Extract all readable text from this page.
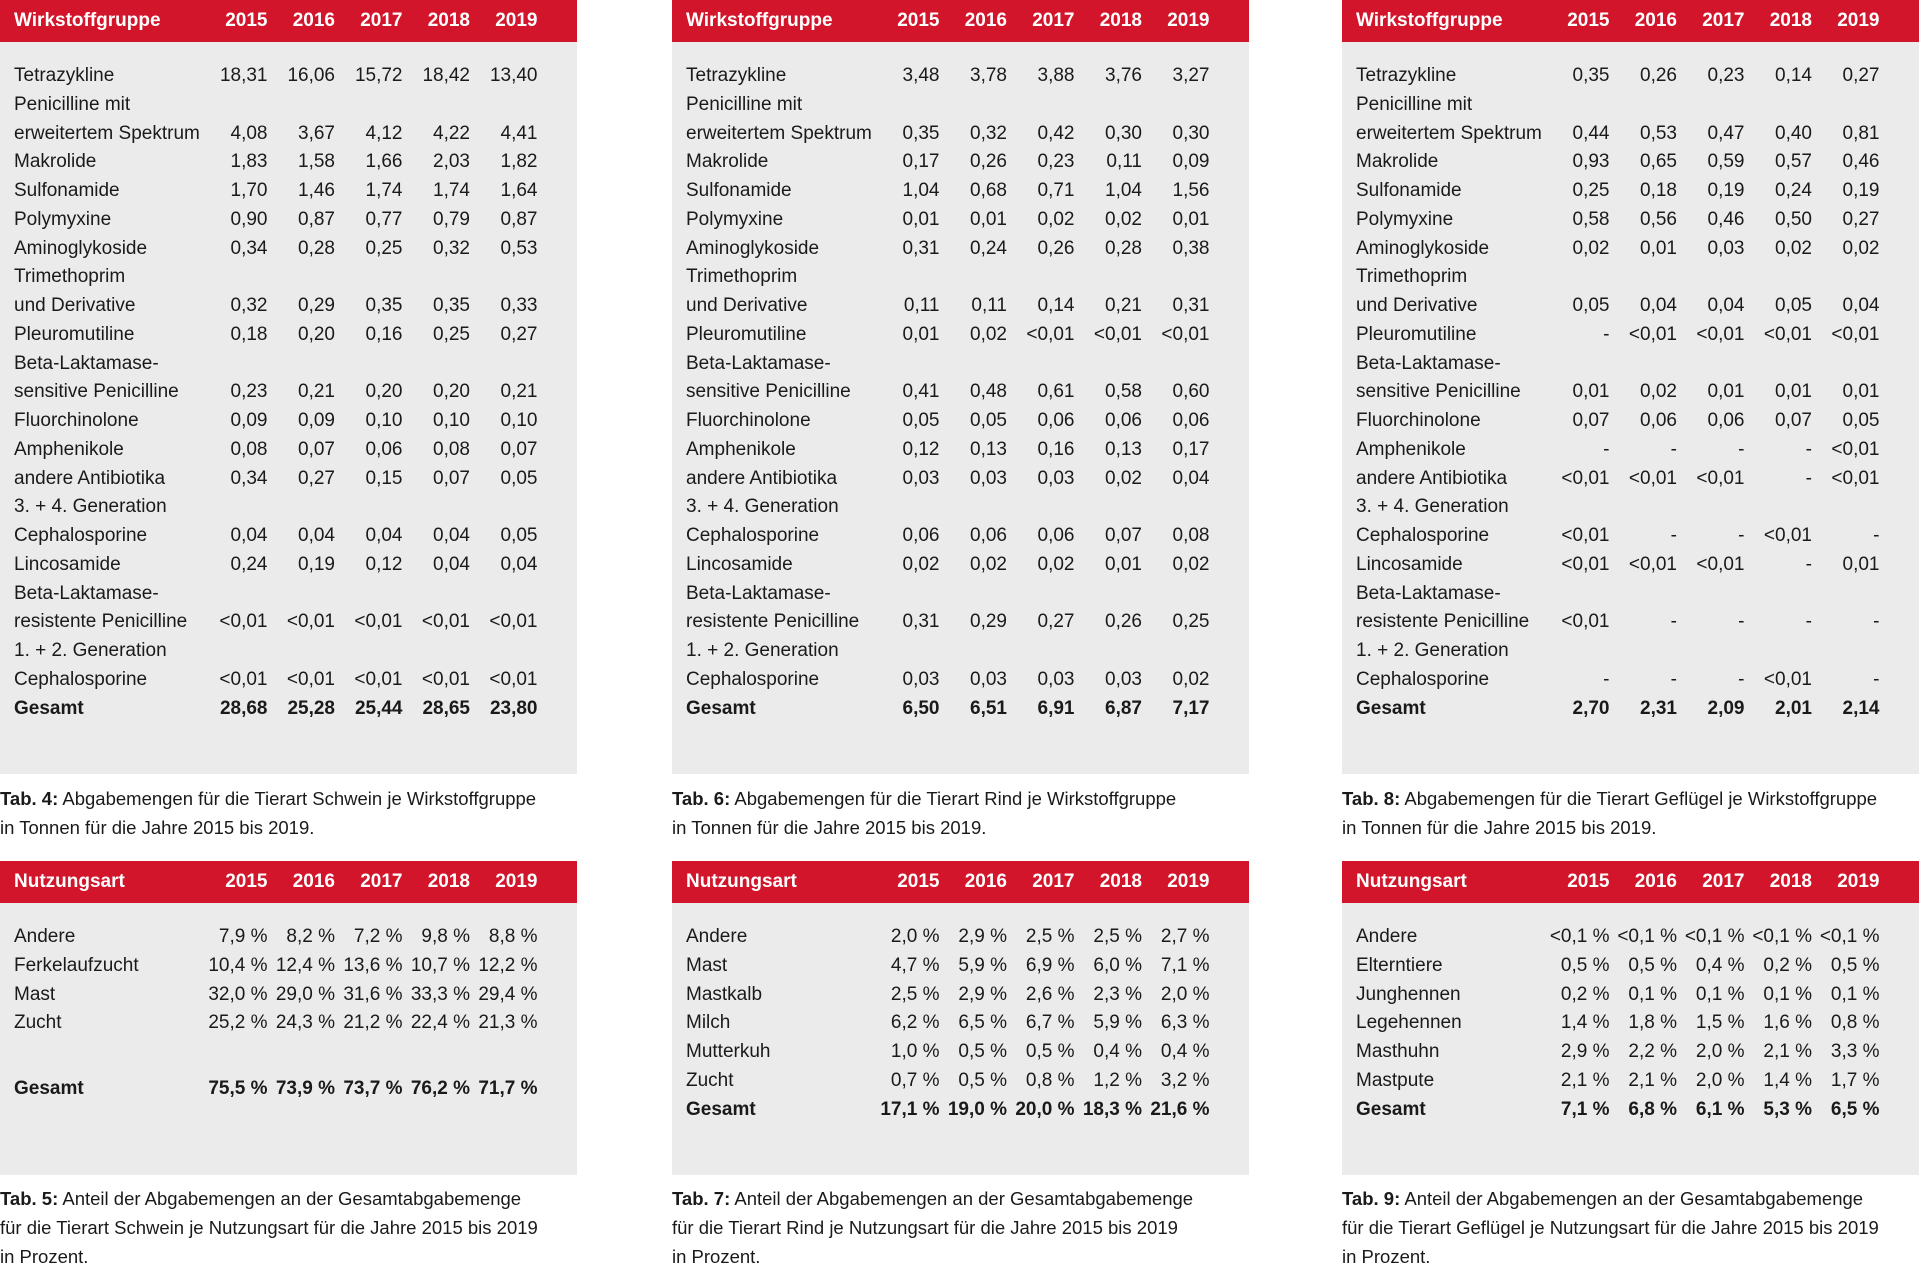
Wirkstoffgruppe	2015	2016	2017	2018	2019
Tetrazykline	18,31	16,06	15,72	18,42	13,40
Penicilline mit
erweitertem Spektrum	4,08	3,67	4,12	4,22	4,41
Makrolide	1,83	1,58	1,66	2,03	1,82
Sulfonamide	1,70	1,46	1,74	1,74	1,64
Polymyxine	0,90	0,87	0,77	0,79	0,87
Aminoglykoside	0,34	0,28	0,25	0,32	0,53
Trimethoprim
und Derivative	0,32	0,29	0,35	0,35	0,33
Pleuromutiline	0,18	0,20	0,16	0,25	0,27
Beta-Laktamase-
sensitive Penicilline	0,23	0,21	0,20	0,20	0,21
Fluorchinolone	0,09	0,09	0,10	0,10	0,10
Amphenikole	0,08	0,07	0,06	0,08	0,07
andere Antibiotika	0,34	0,27	0,15	0,07	0,05
3. + 4. Generation
Cephalosporine	0,04	0,04	0,04	0,04	0,05
Lincosamide	0,24	0,19	0,12	0,04	0,04
Beta-Laktamase-
resistente Penicilline	<0,01	<0,01	<0,01	<0,01	<0,01
1. + 2. Generation
Cephalosporine	<0,01	<0,01	<0,01	<0,01	<0,01
Gesamt	28,68	25,28	25,44	28,65	23,80
Tab. 4: Abgabemengen für die Tierart Schwein je Wirkstoffgruppe
in Tonnen für die Jahre 2015 bis 2019.
Nutzungsart	2015	2016	2017	2018	2019
Andere	7,9 % 8,2 % 7,2 % 9,8 % 8,8 %
Ferkelaufzucht	10,4 % 12,4 % 13,6 % 10,7 % 12,2 %
Mast	32,0 % 29,0 % 31,6 % 33,3 % 29,4 %
Zucht	25,2 % 24,3 % 21,2 % 22,4 % 21,3 %
Gesamt	75,5 % 73,9 % 73,7 % 76,2 % 71,7 %
Tab. 5: Anteil der Abgabemengen an der Gesamtabgabemenge
für die Tierart Schwein je Nutzungsart für die Jahre 2015 bis 2019
in Prozent.
Wirkstoffgruppe	2015	2016	2017	2018	2019
Tetrazykline	3,48	3,78	3,88	3,76	3,27
Penicilline mit
erweitertem Spektrum	0,35	0,32	0,42	0,30	0,30
Makrolide	0,17	0,26	0,23	0,11	0,09
Sulfonamide	1,04	0,68	0,71	1,04	1,56
Polymyxine	0,01	0,01	0,02	0,02	0,01
Aminoglykoside	0,31	0,24	0,26	0,28	0,38
Trimethoprim
und Derivative	0,11	0,11	0,14	0,21	0,31
Pleuromutiline	0,01	0,02	<0,01	<0,01	<0,01
Beta-Laktamase-
sensitive Penicilline	0,41	0,48	0,61	0,58	0,60
Fluorchinolone	0,05	0,05	0,06	0,06	0,06
Amphenikole	0,12	0,13	0,16	0,13	0,17
andere Antibiotika	0,03	0,03	0,03	0,02	0,04
3. + 4. Generation
Cephalosporine	0,06	0,06	0,06	0,07	0,08
Lincosamide	0,02	0,02	0,02	0,01	0,02
Beta-Laktamase-
resistente Penicilline	0,31	0,29	0,27	0,26	0,25
1. + 2. Generation
Cephalosporine	0,03	0,03	0,03	0,03	0,02
Gesamt	6,50	6,51	6,91	6,87	7,17
Tab. 6: Abgabemengen für die Tierart Rind je Wirkstoffgruppe
in Tonnen für die Jahre 2015 bis 2019.
Nutzungsart	2015	2016	2017	2018	2019
Andere	2,0 % 2,9 % 2,5 % 2,5 % 2,7 %
Mast	4,7 % 5,9 % 6,9 % 6,0 % 7,1 %
Mastkalb	2,5 % 2,9 % 2,6 % 2,3 % 2,0 %
Milch	6,2 % 6,5 % 6,7 % 5,9 % 6,3 %
Mutterkuh	1,0 % 0,5 % 0,5 % 0,4 % 0,4 %
Zucht	0,7 % 0,5 % 0,8 % 1,2 % 3,2 %
Gesamt	17,1 % 19,0 % 20,0 % 18,3 % 21,6 %
Tab. 7: Anteil der Abgabemengen an der Gesamtabgabemenge
für die Tierart Rind je Nutzungsart für die Jahre 2015 bis 2019
in Prozent.
Wirkstoffgruppe	2015	2016	2017	2018	2019
Tetrazykline	0,35	0,26	0,23	0,14	0,27
Penicilline mit
erweitertem Spektrum	0,44	0,53	0,47	0,40	0,81
Makrolide	0,93	0,65	0,59	0,57	0,46
Sulfonamide	0,25	0,18	0,19	0,24	0,19
Polymyxine	0,58	0,56	0,46	0,50	0,27
Aminoglykoside	0,02	0,01	0,03	0,02	0,02
Trimethoprim
und Derivative	0,05	0,04	0,04	0,05	0,04
Pleuromutiline	-	<0,01	<0,01	<0,01	<0,01
Beta-Laktamase-
sensitive Penicilline	0,01	0,02	0,01	0,01	0,01
Fluorchinolone	0,07	0,06	0,06	0,07	0,05
Amphenikole	-	-	-	-	<0,01
andere Antibiotika	<0,01	<0,01	<0,01	-	<0,01
3. + 4. Generation
Cephalosporine	<0,01	-	-	<0,01	-
Lincosamide	<0,01	<0,01	<0,01	-	0,01
Beta-Laktamase-
resistente Penicilline	<0,01	-	-	-	-
1. + 2. Generation
Cephalosporine	-	-	-	<0,01	-
Gesamt	2,70	2,31	2,09	2,01	2,14
Tab. 8: Abgabemengen für die Tierart Geflügel je Wirkstoffgruppe
in Tonnen für die Jahre 2015 bis 2019.
Nutzungsart	2015	2016	2017	2018	2019
Andere	<0,1 % <0,1 % <0,1 % <0,1 % <0,1 %
Elterntiere	0,5 % 0,5 % 0,4 % 0,2 % 0,5 %
Junghennen	0,2 % 0,1 % 0,1 % 0,1 % 0,1 %
Legehennen	1,4 % 1,8 % 1,5 % 1,6 % 0,8 %
Masthuhn	2,9 % 2,2 % 2,0 % 2,1 % 3,3 %
Mastpute	2,1 % 2,1 % 2,0 % 1,4 % 1,7 %
Gesamt	7,1 % 6,8 % 6,1 % 5,3 % 6,5 %
Tab. 9: Anteil der Abgabemengen an der Gesamtabgabemenge
für die Tierart Geflügel je Nutzungsart für die Jahre 2015 bis 2019
in Prozent.
